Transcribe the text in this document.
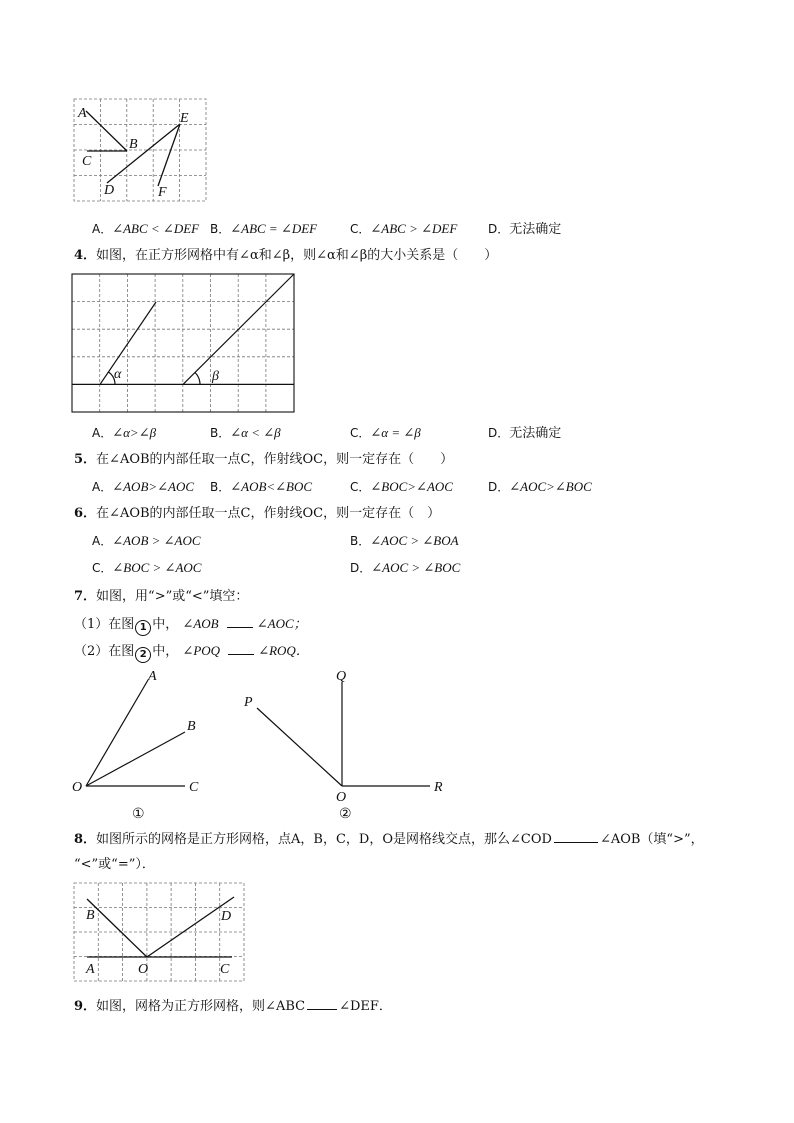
A
B
C
D
E
F
A．∠ABC < ∠DEF B．∠ABC = ∠DEF	C．∠ABC > ∠DEF	D．无法确定
4．如图，在正方形网格中有∠α和∠β，则∠α和∠β的大小关系是（　　）
α	β
A．∠α>∠β	B．∠α < ∠β	C．∠α = ∠β	D．无法确定
5．在∠AOB的内部任取一点C，作射线OC，则一定存在（　　）
A．∠AOB>∠AOC B．∠AOB<∠BOC	C．∠BOC>∠AOC	D．∠AOC>∠BOC
6．在∠AOB的内部任取一点C，作射线OC，则一定存在（　）
A．∠AOB > ∠AOC	B．∠AOC > ∠BOA
C．∠BOC > ∠AOC	D．∠AOC > ∠BOC
7．如图，用“>”或“<”填空：
（1）在图 1 中， ∠AOB	∠AOC；
（2）在图 2 中， ∠POQ	∠ROQ．
A
B
C
O
①
P
Q
R
O
②
8．如图所示的网格是正方形网格，点A，B，C，D，O是网格线交点，那么∠COD	∠AOB（填“>”，
“<”或“=”）．
B	D
A	O	C
9．如图，网格为正方形网格，则∠ABC	∠DEF．
